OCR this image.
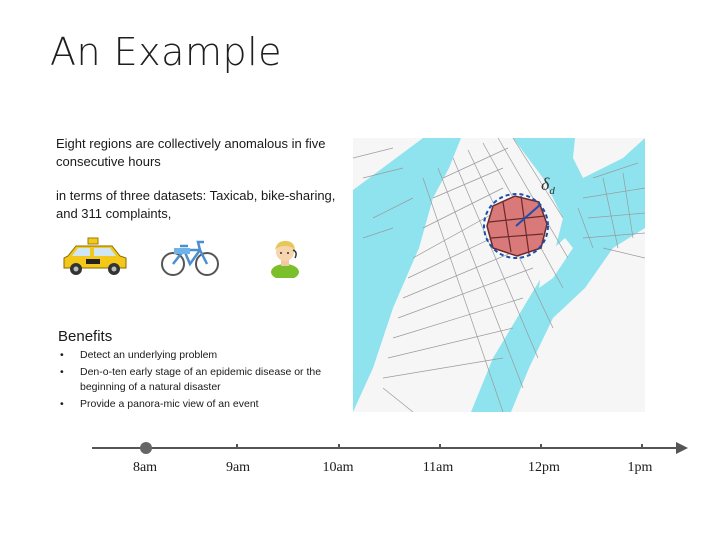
An Example
Eight regions are collectively anomalous in five consecutive hours
in terms of three datasets: Taxicab, bike-sharing, and 311 complaints,
Benefits
• Detect an underlying problem
• Den-o-ten early stage of an epidemic disease or the beginning of a natural disaster
• Provide a panora-mic view of an event
$\delta_d$
8am	9am	10am	11am	12pm	1pm
